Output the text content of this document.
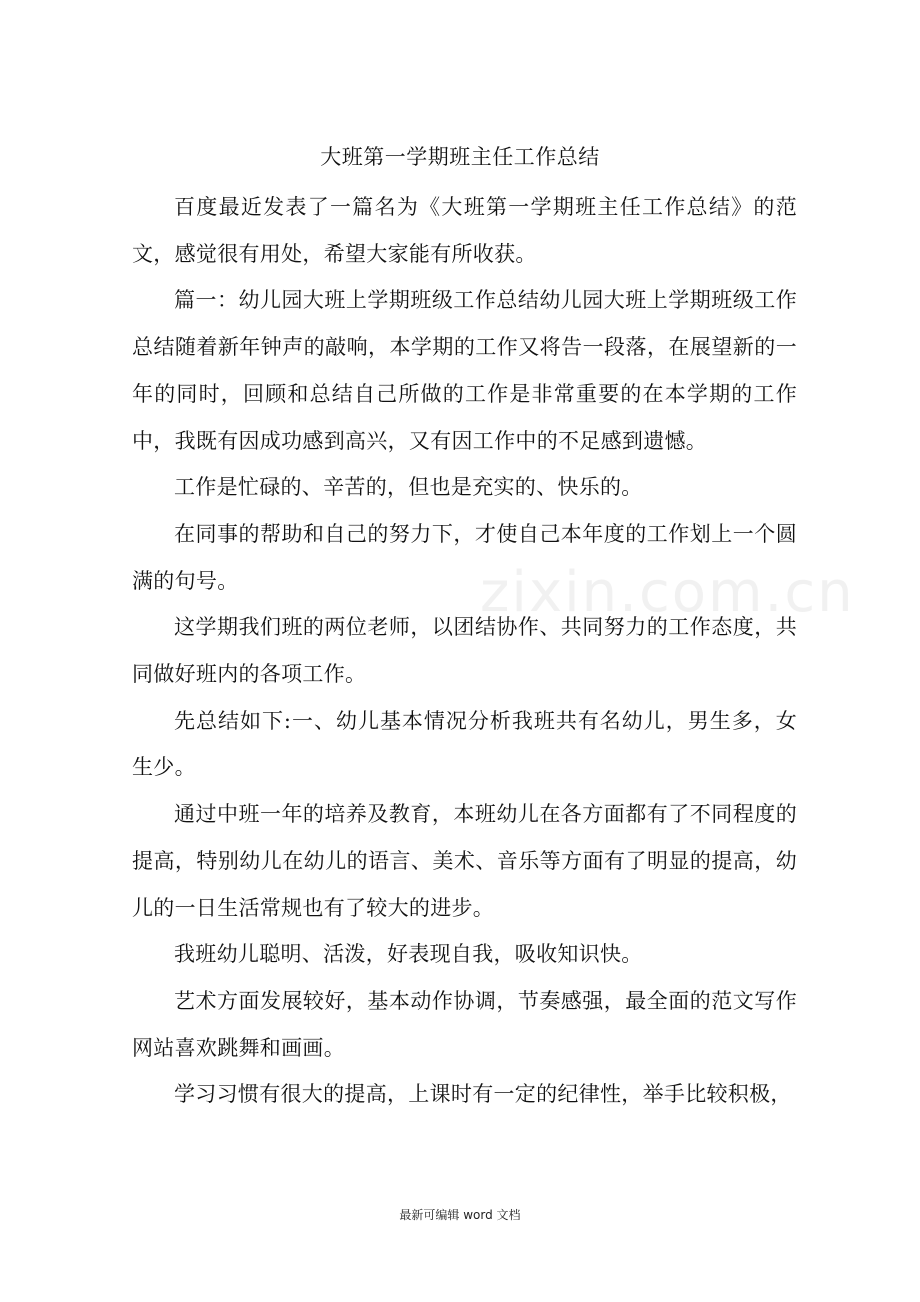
zixin.com.cn
大班第一学期班主任工作总结

百度最近发表了一篇名为《大班第一学期班主任工作总结》的范文，感觉很有用处，希望大家能有所收获。

篇一：幼儿园大班上学期班级工作总结幼儿园大班上学期班级工作总结随着新年钟声的敲响，本学期的工作又将告一段落，在展望新的一年的同时，回顾和总结自己所做的工作是非常重要的在本学期的工作中，我既有因成功感到高兴，又有因工作中的不足感到遗憾。

工作是忙碌的、辛苦的，但也是充实的、快乐的。

在同事的帮助和自己的努力下，才使自己本年度的工作划上一个圆满的句号。

这学期我们班的两位老师，以团结协作、共同努力的工作态度，共同做好班内的各项工作。

先总结如下:一、幼儿基本情况分析我班共有名幼儿，男生多，女生少。

通过中班一年的培养及教育，本班幼儿在各方面都有了不同程度的提高，特别幼儿在幼儿的语言、美术、音乐等方面有了明显的提高，幼儿的一日生活常规也有了较大的进步。

我班幼儿聪明、活泼，好表现自我，吸收知识快。

艺术方面发展较好，基本动作协调，节奏感强，最全面的范文写作网站喜欢跳舞和画画。

学习习惯有很大的提高，上课时有一定的纪律性，举手比较积极，

最新可编辑 word 文档
